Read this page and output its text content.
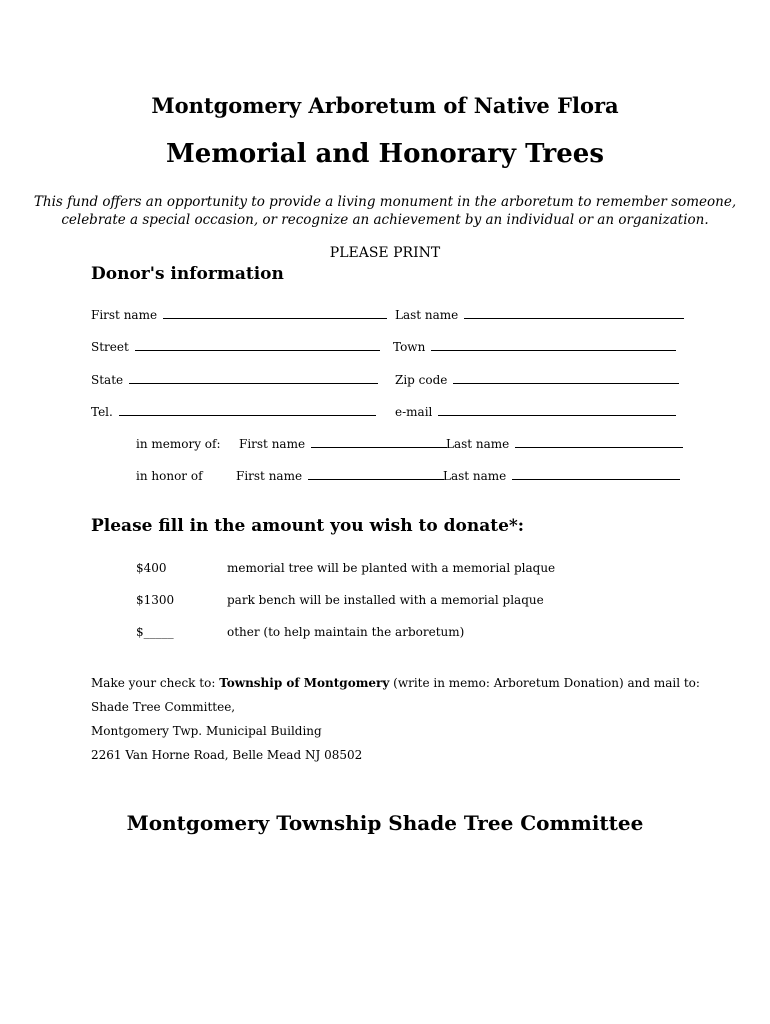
Montgomery Arboretum of Native Flora
Memorial and Honorary Trees
This fund offers an opportunity to provide a living monument in the arboretum to remember someone,
celebrate a special occasion, or recognize an achievement by an individual or an organization.
PLEASE PRINT
Donor's information
First name	Last name
Street	Town
State	Zip code
Tel.	e-mail
in memory of: First name	Last name
in honor of	First name	Last name
Please fill in the amount you wish to donate*:
$400	memorial tree will be planted with a memorial plaque
$1300	park bench will be installed with a memorial plaque
$_____	other (to help maintain the arboretum)
Make your check to: Township of Montgomery (write in memo: Arboretum Donation) and mail to:
Shade Tree Committee,
Montgomery Twp. Municipal Building
2261 Van Horne Road, Belle Mead NJ 08502
Montgomery Township Shade Tree Committee
